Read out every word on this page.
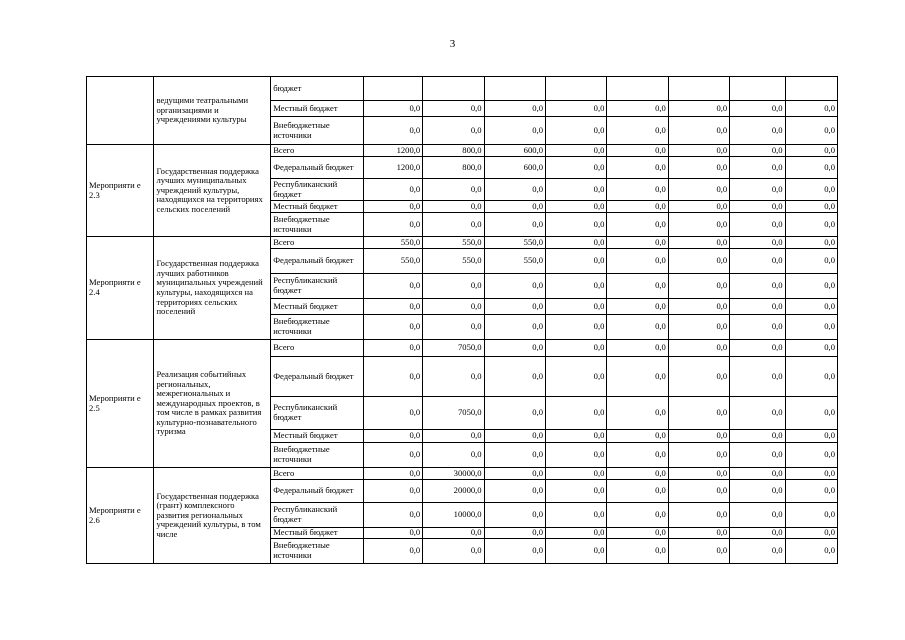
3
	ведущими театральными организациями и учреждениями культуры	бюджет								
		Местный бюджет	0,0	0,0	0,0	0,0	0,0	0,0	0,0	0,0
		Внебюджетные источники	0,0	0,0	0,0	0,0	0,0	0,0	0,0	0,0
Мероприяти е 2.3	Государственная поддержка лучших муниципальных учреждений культуры, находящихся на территориях сельских поселений	Всего	1200,0	800,0	600,0	0,0	0,0	0,0	0,0	0,0
		Федеральный бюджет	1200,0	800,0	600,0	0,0	0,0	0,0	0,0	0,0
		Республиканский бюджет	0,0	0,0	0,0	0,0	0,0	0,0	0,0	0,0
		Местный бюджет	0,0	0,0	0,0	0,0	0,0	0,0	0,0	0,0
		Внебюджетные источники	0,0	0,0	0,0	0,0	0,0	0,0	0,0	0,0
Мероприяти е 2.4	Государственная поддержка лучших работников муниципальных учреждений культуры, находящихся на территориях сельских поселений	Всего	550,0	550,0	550,0	0,0	0,0	0,0	0,0	0,0
		Федеральный бюджет	550,0	550,0	550,0	0,0	0,0	0,0	0,0	0,0
		Республиканский бюджет	0,0	0,0	0,0	0,0	0,0	0,0	0,0	0,0
		Местный бюджет	0,0	0,0	0,0	0,0	0,0	0,0	0,0	0,0
		Внебюджетные источники	0,0	0,0	0,0	0,0	0,0	0,0	0,0	0,0
Мероприяти е 2.5	Реализация событийных региональных, межрегиональных и международных проектов, в том числе в рамках развития культурно-познавательного туризма	Всего	0,0	7050,0	0,0	0,0	0,0	0,0	0,0	0,0
		Федеральный бюджет	0,0	0,0	0,0	0,0	0,0	0,0	0,0	0,0
		Республиканский бюджет	0,0	7050,0	0,0	0,0	0,0	0,0	0,0	0,0
		Местный бюджет	0,0	0,0	0,0	0,0	0,0	0,0	0,0	0,0
		Внебюджетные источники	0,0	0,0	0,0	0,0	0,0	0,0	0,0	0,0
Мероприяти е 2.6	Государственная поддержка (грант) комплексного развития региональных учреждений культуры, в том числе	Всего	0,0	30000,0	0,0	0,0	0,0	0,0	0,0	0,0
		Федеральный бюджет	0,0	20000,0	0,0	0,0	0,0	0,0	0,0	0,0
		Республиканский бюджет	0,0	10000,0	0,0	0,0	0,0	0,0	0,0	0,0
		Местный бюджет	0,0	0,0	0,0	0,0	0,0	0,0	0,0	0,0
		Внебюджетные источники	0,0	0,0	0,0	0,0	0,0	0,0	0,0	0,0
